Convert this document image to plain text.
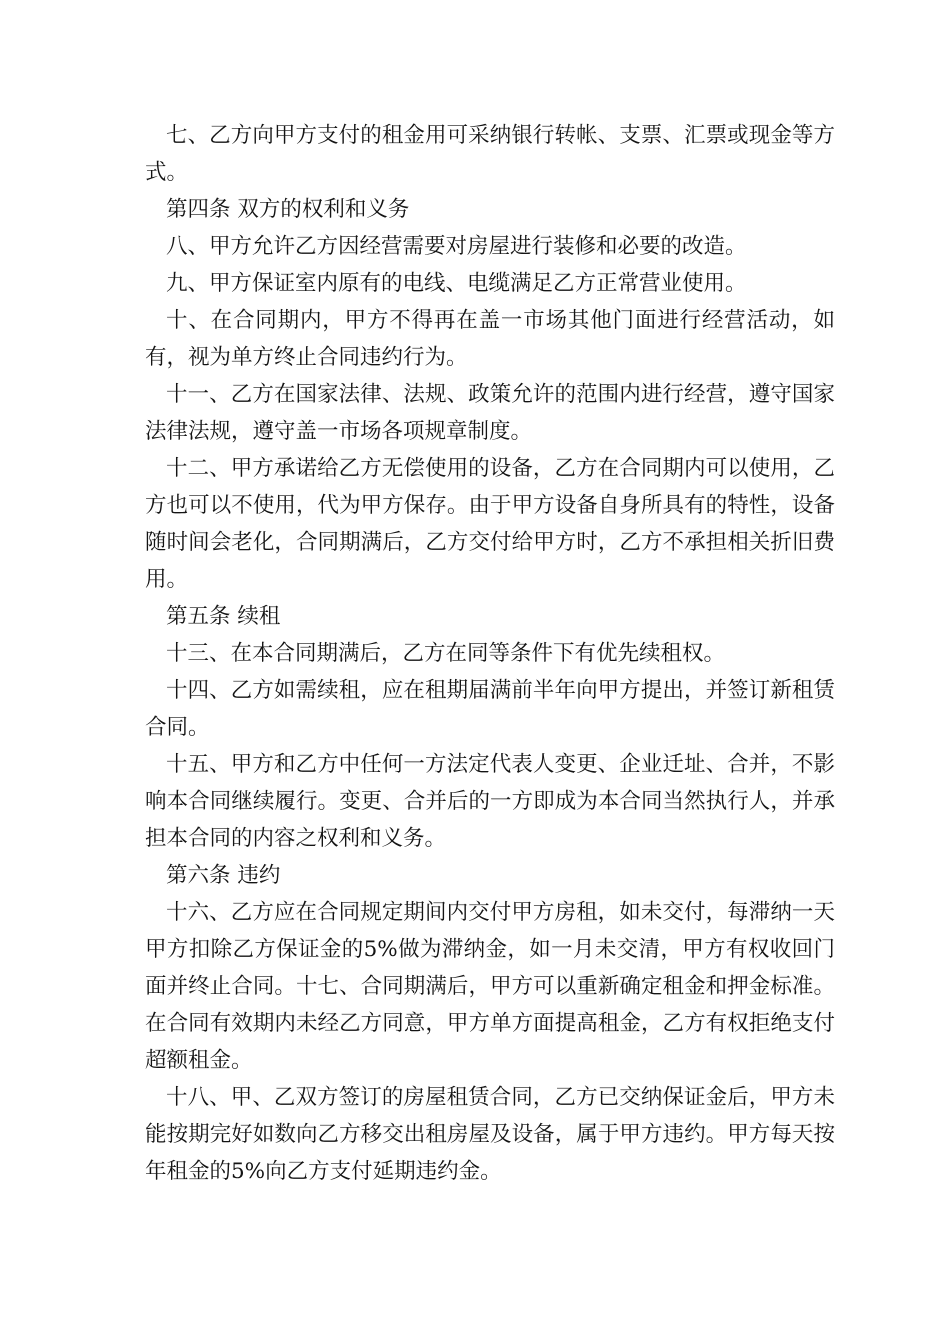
七、乙方向甲方支付的租金用可采纳银行转帐、支票、汇票或现金等方式。

第四条 双方的权利和义务

八、甲方允许乙方因经营需要对房屋进行装修和必要的改造。

九、甲方保证室内原有的电线、电缆满足乙方正常营业使用。

十、在合同期内，甲方不得再在盖一市场其他门面进行经营活动，如有，视为单方终止合同违约行为。

十一、乙方在国家法律、法规、政策允许的范围内进行经营，遵守国家法律法规，遵守盖一市场各项规章制度。

十二、甲方承诺给乙方无偿使用的设备，乙方在合同期内可以使用，乙方也可以不使用，代为甲方保存。由于甲方设备自身所具有的特性，设备随时间会老化，合同期满后，乙方交付给甲方时，乙方不承担相关折旧费用。

第五条 续租

十三、在本合同期满后，乙方在同等条件下有优先续租权。

十四、乙方如需续租，应在租期届满前半年向甲方提出，并签订新租赁合同。

十五、甲方和乙方中任何一方法定代表人变更、企业迁址、合并，不影响本合同继续履行。变更、合并后的一方即成为本合同当然执行人，并承担本合同的内容之权利和义务。

第六条 违约

十六、乙方应在合同规定期间内交付甲方房租，如未交付，每滞纳一天甲方扣除乙方保证金的5%做为滞纳金，如一月未交清，甲方有权收回门面并终止合同。十七、合同期满后，甲方可以重新确定租金和押金标准。在合同有效期内未经乙方同意，甲方单方面提高租金，乙方有权拒绝支付超额租金。

十八、甲、乙双方签订的房屋租赁合同，乙方已交纳保证金后，甲方未能按期完好如数向乙方移交出租房屋及设备，属于甲方违约。甲方每天按年租金的5%向乙方支付延期违约金。
